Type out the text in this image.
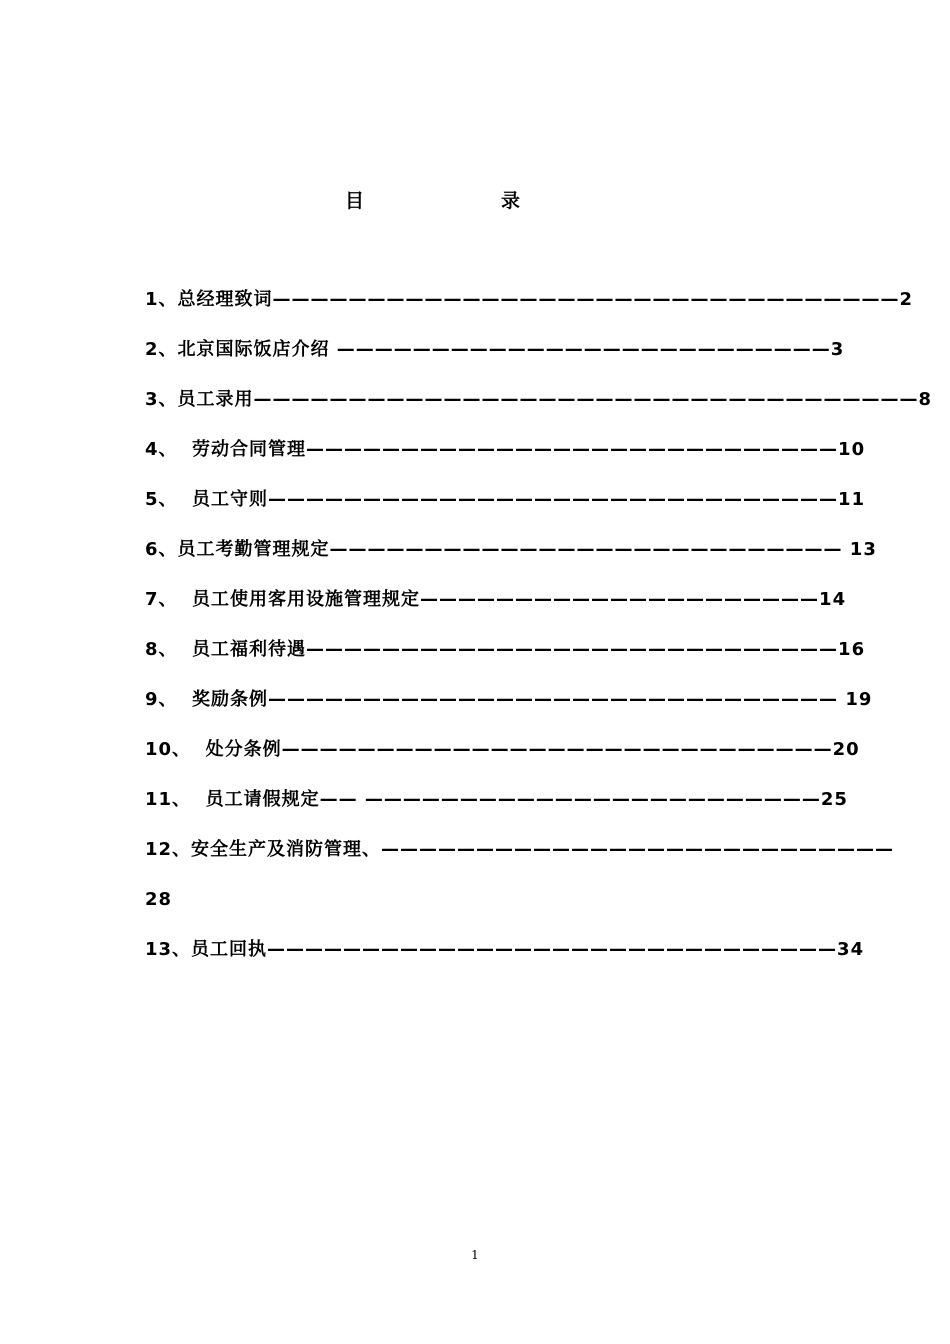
目	录
1、总经理致词—————————————————————————————————2
2、北京国际饭店介绍 ——————————————————————————3
3、员工录用———————————————————————————————————8
4、  劳动合同管理————————————————————————————10
5、  员工守则——————————————————————————————11
6、员工考勤管理规定——————————————————————————— 13
7、  员工使用客用设施管理规定—————————————————————14
8、  员工福利待遇————————————————————————————16
9、  奖励条例—————————————————————————————— 19
10、  处分条例—————————————————————————————20
11、  员工请假规定—— ————————————————————————25
12、安全生产及消防管理、———————————————————————————
28
13、员工回执——————————————————————————————34
1
